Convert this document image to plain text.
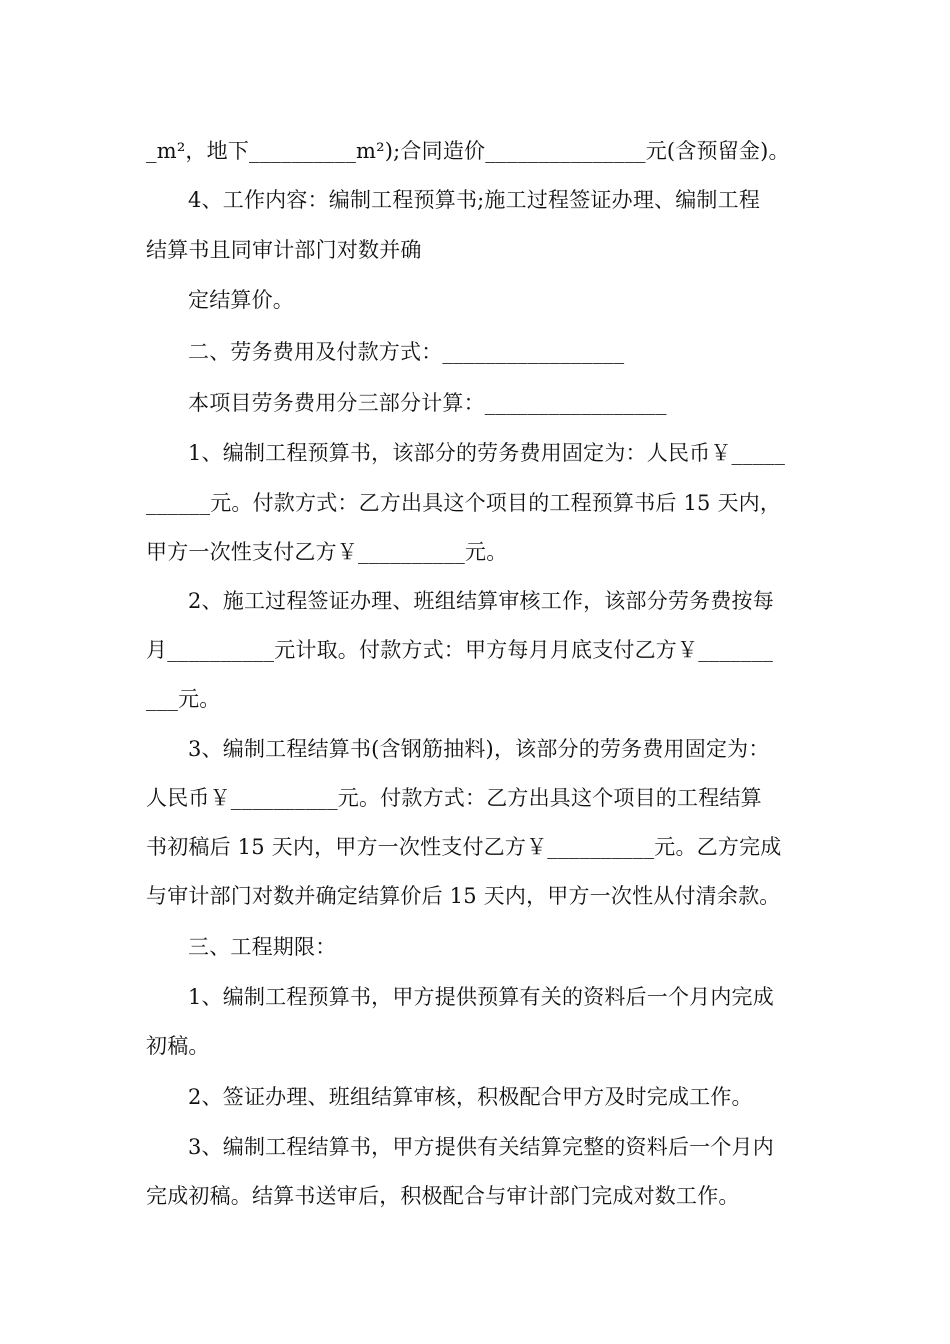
_m²，地下__________m²);合同造价_______________元(含预留金)。
4、工作内容：编制工程预算书;施工过程签证办理、编制工程
结算书且同审计部门对数并确
定结算价。
二、劳务费用及付款方式：_________________
本项目劳务费用分三部分计算：_________________
1、编制工程预算书，该部分的劳务费用固定为：人民币￥_____
______元。付款方式：乙方出具这个项目的工程预算书后 15 天内，
甲方一次性支付乙方￥__________元。
2、施工过程签证办理、班组结算审核工作，该部分劳务费按每
月__________元计取。付款方式：甲方每月月底支付乙方￥_______
___元。
3、编制工程结算书(含钢筋抽料)，该部分的劳务费用固定为：
人民币￥__________元。付款方式：乙方出具这个项目的工程结算
书初稿后 15 天内，甲方一次性支付乙方￥__________元。乙方完成
与审计部门对数并确定结算价后 15 天内，甲方一次性从付清余款。
三、工程期限：
1、编制工程预算书，甲方提供预算有关的资料后一个月内完成
初稿。
2、签证办理、班组结算审核，积极配合甲方及时完成工作。
3、编制工程结算书，甲方提供有关结算完整的资料后一个月内
完成初稿。结算书送审后，积极配合与审计部门完成对数工作。
